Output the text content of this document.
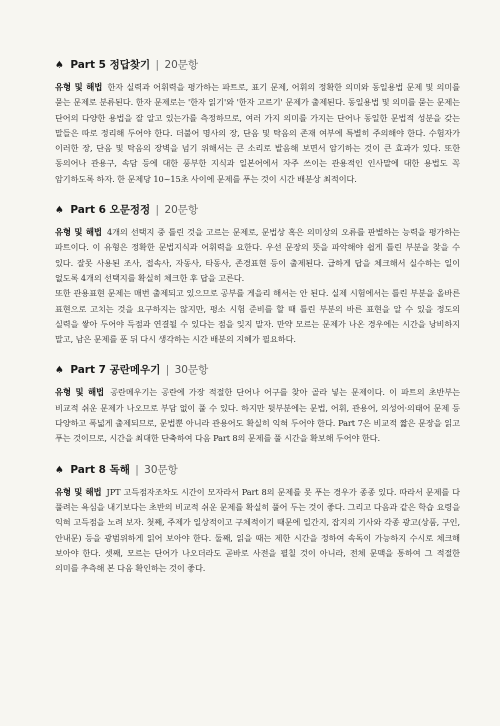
♠ Part 5 정답찾기 | 20문항

유형 및 해법 한자 실력과 어휘력을 평가하는 파트로, 표기 문제, 어휘의 정확한 의미와 동일용법 문제 및 의미를 묻는 문제로 분류된다. 한자 문제로는 '한자 읽기'와 '한자 고르기' 문제가 출제된다. 동일용법 및 의미를 묻는 문제는 단어의 다양한 용법을 잘 알고 있는가를 측정하므로, 여러 가지 의미를 가지는 단어나 동일한 문법적 성분을 갖는 말들은 따로 정리해 두어야 한다. 더불어 명사의 장, 단음 및 탁음의 존재 여부에 특별히 주의해야 한다. 수험자가 이러한 장, 단음 및 탁음의 장벽을 넘기 위해서는 큰 소리로 발음해 보면서 암기하는 것이 큰 효과가 있다. 또한 동의어나 관용구, 속담 등에 대한 풍부한 지식과 일본어에서 자주 쓰이는 관용적인 인사말에 대한 용법도 꼭 암기하도록 하자. 한 문제당 10~15초 사이에 문제를 푸는 것이 시간 배분상 최적이다.

♠ Part 6 오문정정 | 20문항

유형 및 해법 4개의 선택지 중 틀린 것을 고르는 문제로, 문법상 혹은 의미상의 오류를 판별하는 능력을 평가하는 파트이다. 이 유형은 정확한 문법지식과 어휘력을 요한다. 우선 문장의 뜻을 파악해야 쉽게 틀린 부분을 찾을 수 있다. 잘못 사용된 조사, 접속사, 자동사, 타동사, 존경표현 등이 출제된다. 급하게 답을 체크해서 실수하는 일이 없도록 4개의 선택지를 확실히 체크한 후 답을 고른다.

또한 관용표현 문제는 매번 출제되고 있으므로 공부를 게을리 해서는 안 된다. 실제 시험에서는 틀린 부분을 올바른 표현으로 고치는 것을 요구하지는 않지만, 평소 시험 준비를 할 때 틀린 부분의 바른 표현을 알 수 있을 정도의 실력을 쌓아 두어야 득점과 연결될 수 있다는 점을 잊지 말자. 만약 모르는 문제가 나온 경우에는 시간을 낭비하지 말고, 남은 문제를 푼 뒤 다시 생각하는 시간 배분의 지혜가 필요하다.

♠ Part 7 공란메우기 | 30문항

유형 및 해법 공란메우기는 공란에 가장 적절한 단어나 어구를 찾아 골라 넣는 문제이다. 이 파트의 초반부는 비교적 쉬운 문제가 나오므로 부담 없이 풀 수 있다. 하지만 뒷부분에는 문법, 어휘, 관용어, 의성어·의태어 문제 등 다양하고 폭넓게 출제되므로, 문법뿐 아니라 관용어도 확실히 익혀 두어야 한다. Part 7은 비교적 짧은 문장을 읽고 푸는 것이므로, 시간을 최대한 단축하여 다음 Part 8의 문제를 풀 시간을 확보해 두어야 한다.

♠ Part 8 독해 | 30문항

유형 및 해법 JPT 고득점자조차도 시간이 모자라서 Part 8의 문제를 못 푸는 경우가 종종 있다. 따라서 문제를 다 풀려는 욕심을 내기보다는 초반의 비교적 쉬운 문제를 확실히 풀어 두는 것이 좋다. 그리고 다음과 같은 학습 요령을 익혀 고득점을 노려 보자. 첫째, 주제가 일상적이고 구체적이기 때문에 일간지, 잡지의 기사와 각종 광고(상품, 구인, 안내문) 등을 광범위하게 읽어 보아야 한다. 둘째, 읽을 때는 제한 시간을 정하여 속독이 가능하지 수시로 체크해 보아야 한다. 셋째, 모르는 단어가 나오더라도 곧바로 사전을 펼칠 것이 아니라, 전체 문맥을 통하여 그 적절한 의미를 추측해 본 다음 확인하는 것이 좋다.
